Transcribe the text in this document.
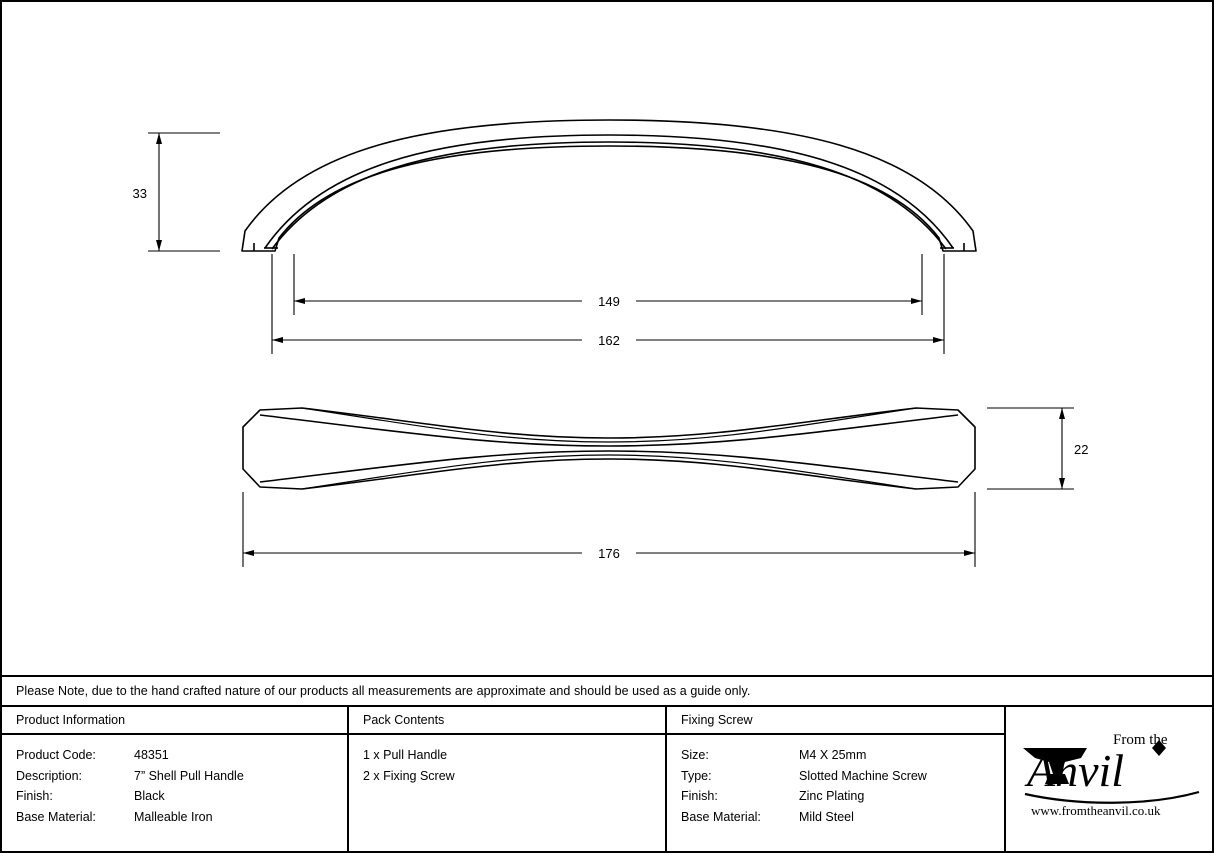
33
149
162
22
176
Please Note, due to the hand crafted nature of our products all measurements are approximate and should be used as a guide only.
Product Information
Product Code:	48351
Description:	7” Shell Pull Handle
Finish:	Black
Base Material:	Malleable Iron
Pack Contents
1 x Pull Handle
2 x Fixing Screw
Fixing Screw
Size:	M4 X 25mm
Type:	Slotted Machine Screw
Finish:	Zinc Plating
Base Material:	Mild Steel
From the
Anvil
www.fromtheanvil.co.uk
